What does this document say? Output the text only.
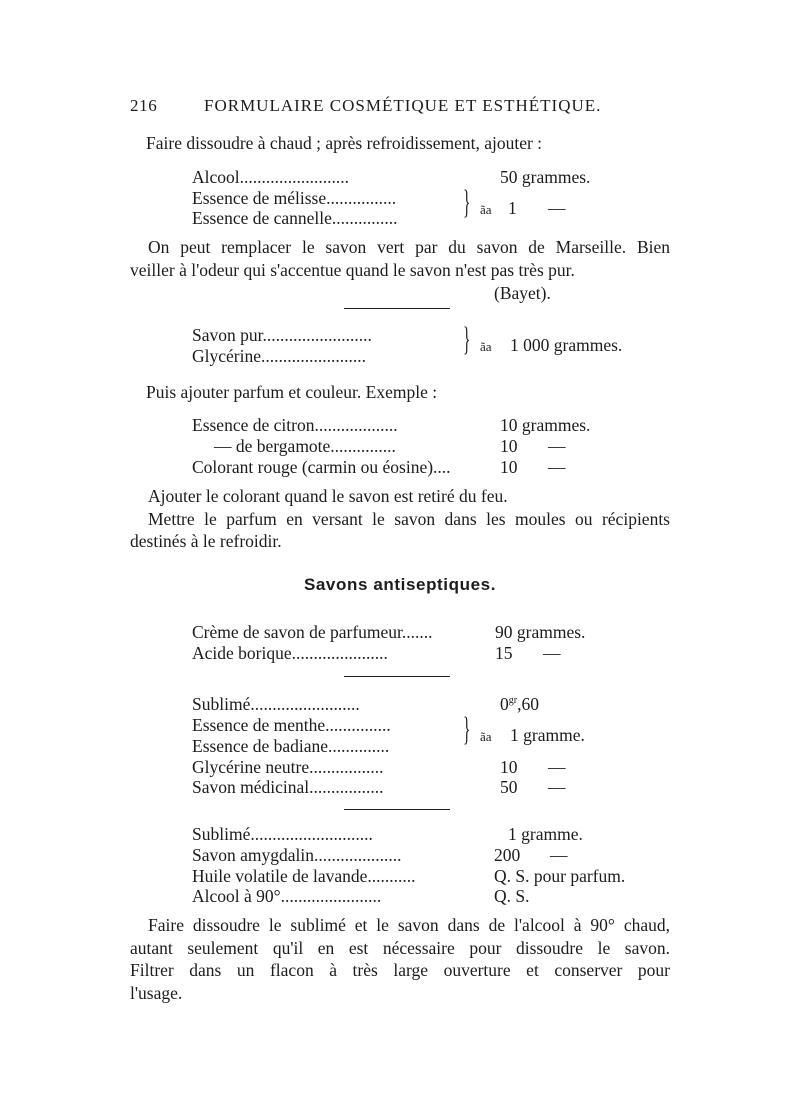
216	FORMULAIRE COSMÉTIQUE ET ESTHÉTIQUE.
Faire dissoudre à chaud ; après refroidissement, ajouter :
Alcool.........................	50 grammes.
Essence de mélisse................
Essence de cannelle............... } ãa 1 —
On peut remplacer le savon vert par du savon de Marseille. Bien
veiller à l'odeur qui s'accentue quand le savon n'est pas très pur.
(Bayet).
Savon pur.........................
Glycérine........................	} ãa 1 000 grammes.
Puis ajouter parfum et couleur. Exemple :
Essence de citron...................	10 grammes.
— de bergamote...............	10 —
Colorant rouge (carmin ou éosine)....	10 —
Ajouter le colorant quand le savon est retiré du feu.
Mettre le parfum en versant le savon dans les moules ou récipients
destinés à le refroidir.
Savons antiseptiques.
Crème de savon de parfumeur.......	90 grammes.
Acide borique......................	15 —
Sublimé.........................	$0^{gr},60$
Essence de menthe...............
Essence de badiane.............. } ãa 1 gramme.
Glycérine neutre.................	10 —
Savon médicinal.................	50 —
Sublimé............................	1 gramme.
Savon amygdalin....................	200 —
Huile volatile de lavande...........	Q. S. pour parfum.
Alcool à 90°.......................	Q. S.
Faire dissoudre le sublimé et le savon dans de l'alcool à 90° chaud,
autant seulement qu'il en est nécessaire pour dissoudre le savon.
Filtrer dans un flacon à très large ouverture et conserver pour
l'usage.
